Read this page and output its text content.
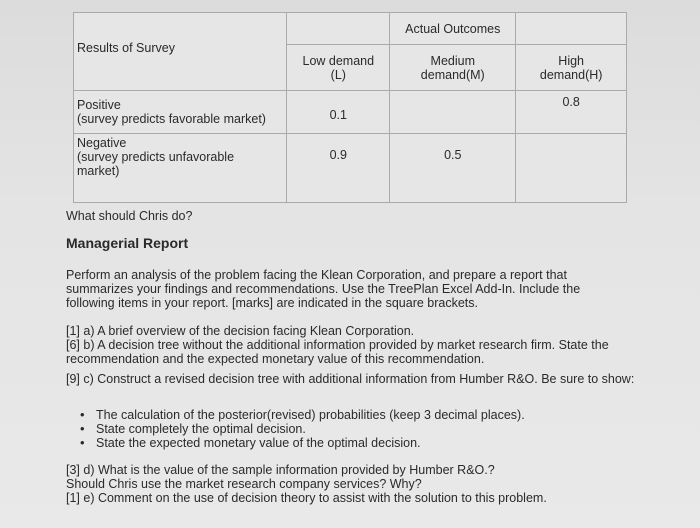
Results of Survey		Actual Outcomes	
	Low demand (L)	Medium demand(M)	High demand(H)

Positive
(survey predicts favorable market)	0.1		0.8

Negative
(survey predicts unfavorable market)	0.9	0.5	
What should Chris do?
Managerial Report
Perform an analysis of the problem facing the Klean Corporation, and prepare a report that summarizes your findings and recommendations. Use the TreePlan Excel Add-In. Include the following items in your report. [marks] are indicated in the square brackets.
[1] a) A brief overview of the decision facing Klean Corporation.
[6] b) A decision tree without the additional information provided by market research firm. State the recommendation and the expected monetary value of this recommendation.
[9] c) Construct a revised decision tree with additional information from Humber R&O. Be sure to show:
• The calculation of the posterior(revised) probabilities (keep 3 decimal places).
• State completely the optimal decision.
• State the expected monetary value of the optimal decision.
[3] d) What is the value of the sample information provided by Humber R&O.?
Should Chris use the market research company services? Why?
[1] e) Comment on the use of decision theory to assist with the solution to this problem.
